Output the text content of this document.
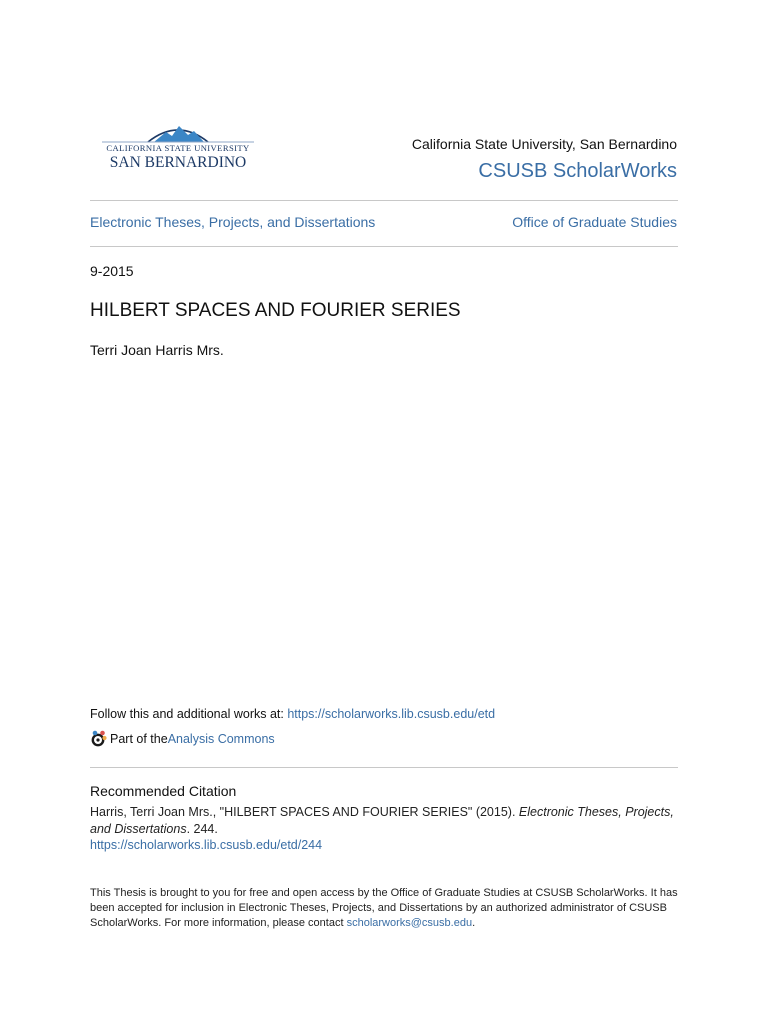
CALIFORNIA STATE UNIVERSITY
SAN BERNARDINO
California State University, San Bernardino
CSUSB ScholarWorks
Electronic Theses, Projects, and Dissertations	Office of Graduate Studies
9-2015
HILBERT SPACES AND FOURIER SERIES
Terri Joan Harris Mrs.
Follow this and additional works at: https://scholarworks.lib.csusb.edu/etd
Part of the Analysis Commons
Recommended Citation
Harris, Terri Joan Mrs., "HILBERT SPACES AND FOURIER SERIES" (2015). Electronic Theses, Projects, and Dissertations. 244.
https://scholarworks.lib.csusb.edu/etd/244
This Thesis is brought to you for free and open access by the Office of Graduate Studies at CSUSB ScholarWorks. It has been accepted for inclusion in Electronic Theses, Projects, and Dissertations by an authorized administrator of CSUSB ScholarWorks. For more information, please contact scholarworks@csusb.edu.
